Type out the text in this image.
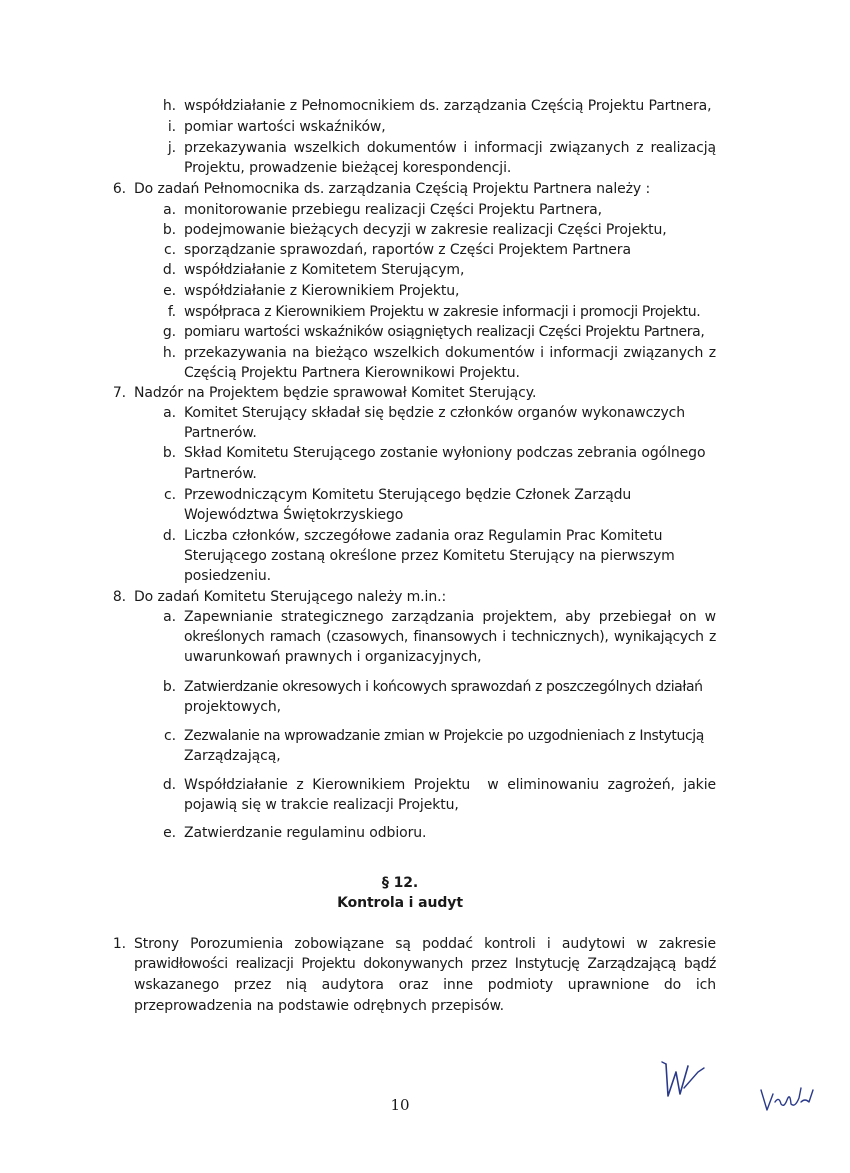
h. współdziałanie z Pełnomocnikiem ds. zarządzania Częścią Projektu Partnera,
i. pomiar wartości wskaźników,
j. przekazywania wszelkich dokumentów i informacji związanych z realizacją
Projektu, prowadzenie bieżącej korespondencji.
6. Do zadań Pełnomocnika ds. zarządzania Częścią Projektu Partnera należy :
a. monitorowanie przebiegu realizacji Części Projektu Partnera,
b. podejmowanie bieżących decyzji w zakresie realizacji Części Projektu,
c. sporządzanie sprawozdań, raportów z Części Projektem Partnera
d. współdziałanie z Komitetem Sterującym,
e. współdziałanie z Kierownikiem Projektu,
f. współpraca z Kierownikiem Projektu w zakresie informacji i promocji Projektu.
g. pomiaru wartości wskaźników osiągniętych realizacji Części Projektu Partnera,
h. przekazywania na bieżąco wszelkich dokumentów i informacji związanych z
Częścią Projektu Partnera Kierownikowi Projektu.
7. Nadzór na Projektem będzie sprawował Komitet Sterujący.
a. Komitet Sterujący składał się będzie z członków organów wykonawczych
Partnerów.
b. Skład Komitetu Sterującego zostanie wyłoniony podczas zebrania ogólnego
Partnerów.
c. Przewodniczącym Komitetu Sterującego będzie Członek Zarządu
Województwa Świętokrzyskiego
d. Liczba członków, szczegółowe zadania oraz Regulamin Prac Komitetu
Sterującego zostaną określone przez Komitetu Sterujący na pierwszym
posiedzeniu.
8. Do zadań Komitetu Sterującego należy m.in.:
a. Zapewnianie strategicznego zarządzania projektem, aby przebiegał on w
określonych ramach (czasowych, finansowych i technicznych), wynikających z
uwarunkowań prawnych i organizacyjnych,
b. Zatwierdzanie okresowych i końcowych sprawozdań z poszczególnych działań
projektowych,
c. Zezwalanie na wprowadzanie zmian w Projekcie po uzgodnieniach z Instytucją
Zarządzającą,
d. Współdziałanie z Kierownikiem Projektu  w eliminowaniu zagrożeń, jakie
pojawią się w trakcie realizacji Projektu,
e. Zatwierdzanie regulaminu odbioru.
§ 12.
Kontrola i audyt
1. Strony Porozumienia zobowiązane są poddać kontroli i audytowi w zakresie
prawidłowości realizacji Projektu dokonywanych przez Instytucję Zarządzającą bądź
wskazanego przez nią audytora oraz inne podmioty uprawnione do ich
przeprowadzenia na podstawie odrębnych przepisów.
10
